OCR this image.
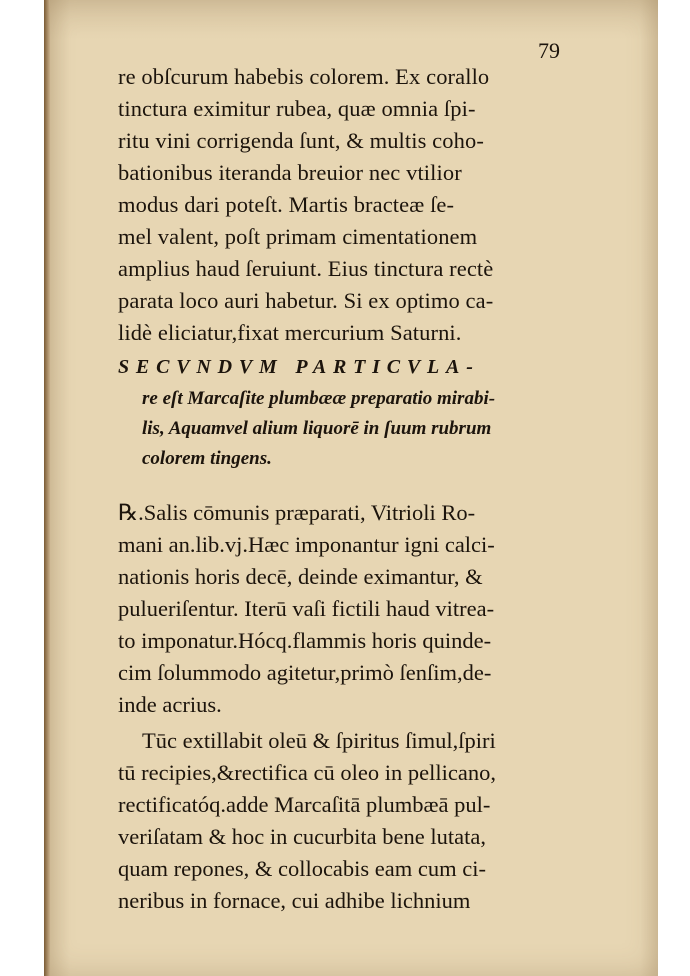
79
re obſcurum habebis colorem. Ex corallo
tinctura eximitur rubea, quæ omnia ſpi-
ritu vini corrigenda ſunt, & multis coho-
bationibus iteranda breuior nec vtilior
modus dari poteſt. Martis bracteæ ſe-
mel valent, poſt primam cimentationem
amplius haud ſeruiunt. Eius tinctura rectè
parata loco auri habetur. Si ex optimo ca-
lidè eliciatur,fixat mercurium Saturni.
SECVNDVM PARTICVLA-
re eſt Marcaſite plumbææ preparatio mirabi-
lis, Aquamvel alium liquorē in ſuum rubrum
colorem tingens.
℞.Salis cōmunis præparati, Vitrioli Ro-
mani an.lib.vj.Hæc imponantur igni calci-
nationis horis decē, deinde eximantur, &
pulueriſentur. Iterū vaſi fictili haud vitrea-
to imponatur.Hócq.flammis horis quinde-
cim ſolummodo agitetur,primò ſenſim,de-
inde acrius.
Tūc extillabit oleū & ſpiritus ſimul,ſpiri
tū recipies,&rectifica cū oleo in pellicano,
rectificatóq.adde Marcaſitā plumbæā pul-
veriſatam & hoc in cucurbita bene lutata,
quam repones, & collocabis eam cum ci-
neribus in fornace, cui adhibe lichnium
